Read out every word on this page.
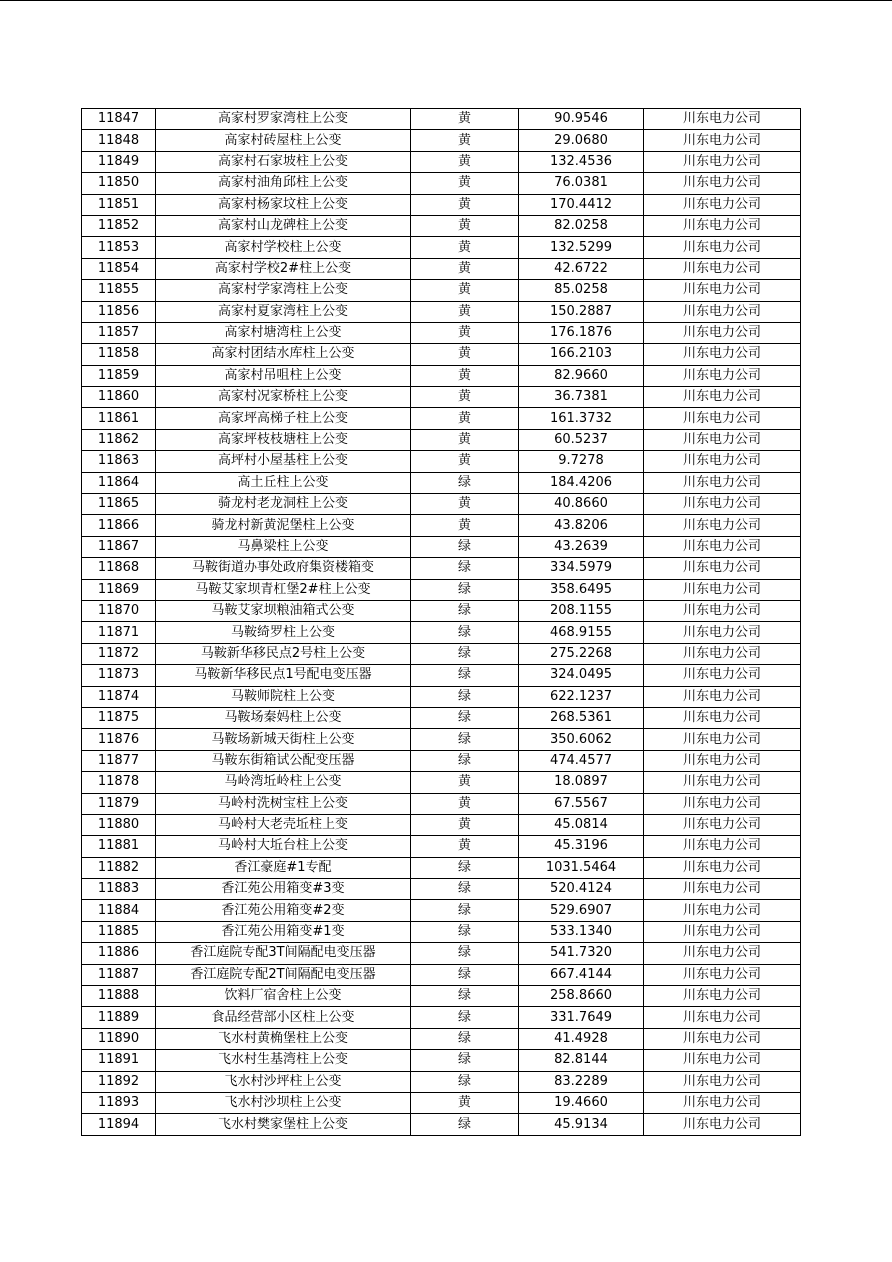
11847	高家村罗家湾柱上公变	黄	90.9546	川东电力公司
11848	高家村砖屋柱上公变	黄	29.0680	川东电力公司
11849	高家村石家坡柱上公变	黄	132.4536	川东电力公司
11850	高家村油角邱柱上公变	黄	76.0381	川东电力公司
11851	高家村杨家坟柱上公变	黄	170.4412	川东电力公司
11852	高家村山龙碑柱上公变	黄	82.0258	川东电力公司
11853	高家村学校柱上公变	黄	132.5299	川东电力公司
11854	高家村学校2#柱上公变	黄	42.6722	川东电力公司
11855	高家村学家湾柱上公变	黄	85.0258	川东电力公司
11856	高家村夏家湾柱上公变	黄	150.2887	川东电力公司
11857	高家村塘湾柱上公变	黄	176.1876	川东电力公司
11858	高家村团结水库柱上公变	黄	166.2103	川东电力公司
11859	高家村吊咀柱上公变	黄	82.9660	川东电力公司
11860	高家村况家桥柱上公变	黄	36.7381	川东电力公司
11861	高家坪高梯子柱上公变	黄	161.3732	川东电力公司
11862	高家坪枝枝塘柱上公变	黄	60.5237	川东电力公司
11863	高坪村小屋基柱上公变	黄	9.7278	川东电力公司
11864	高土丘柱上公变	绿	184.4206	川东电力公司
11865	骑龙村老龙洞柱上公变	黄	40.8660	川东电力公司
11866	骑龙村新黄泥堡柱上公变	黄	43.8206	川东电力公司
11867	马鼻梁柱上公变	绿	43.2639	川东电力公司
11868	马鞍街道办事处政府集资楼箱变	绿	334.5979	川东电力公司
11869	马鞍艾家坝青杠堡2#柱上公变	绿	358.6495	川东电力公司
11870	马鞍艾家坝粮油箱式公变	绿	208.1155	川东电力公司
11871	马鞍绮罗柱上公变	绿	468.9155	川东电力公司
11872	马鞍新华移民点2号柱上公变	绿	275.2268	川东电力公司
11873	马鞍新华移民点1号配电变压器	绿	324.0495	川东电力公司
11874	马鞍师院柱上公变	绿	622.1237	川东电力公司
11875	马鞍场秦妈柱上公变	绿	268.5361	川东电力公司
11876	马鞍场新城天街柱上公变	绿	350.6062	川东电力公司
11877	马鞍东街箱试公配变压器	绿	474.4577	川东电力公司
11878	马岭湾坵岭柱上公变	黄	18.0897	川东电力公司
11879	马岭村洗树宝柱上公变	黄	67.5567	川东电力公司
11880	马岭村大老壳坵柱上变	黄	45.0814	川东电力公司
11881	马岭村大坵台柱上公变	黄	45.3196	川东电力公司
11882	香江豪庭#1专配	绿	1031.5464	川东电力公司
11883	香江苑公用箱变#3变	绿	520.4124	川东电力公司
11884	香江苑公用箱变#2变	绿	529.6907	川东电力公司
11885	香江苑公用箱变#1变	绿	533.1340	川东电力公司
11886	香江庭院专配3T间隔配电变压器	绿	541.7320	川东电力公司
11887	香江庭院专配2T间隔配电变压器	绿	667.4144	川东电力公司
11888	饮料厂宿舍柱上公变	绿	258.8660	川东电力公司
11889	食品经营部小区柱上公变	绿	331.7649	川东电力公司
11890	飞水村黄桷堡柱上公变	绿	41.4928	川东电力公司
11891	飞水村生基湾柱上公变	绿	82.8144	川东电力公司
11892	飞水村沙坪柱上公变	绿	83.2289	川东电力公司
11893	飞水村沙坝柱上公变	黄	19.4660	川东电力公司
11894	飞水村樊家堡柱上公变	绿	45.9134	川东电力公司
